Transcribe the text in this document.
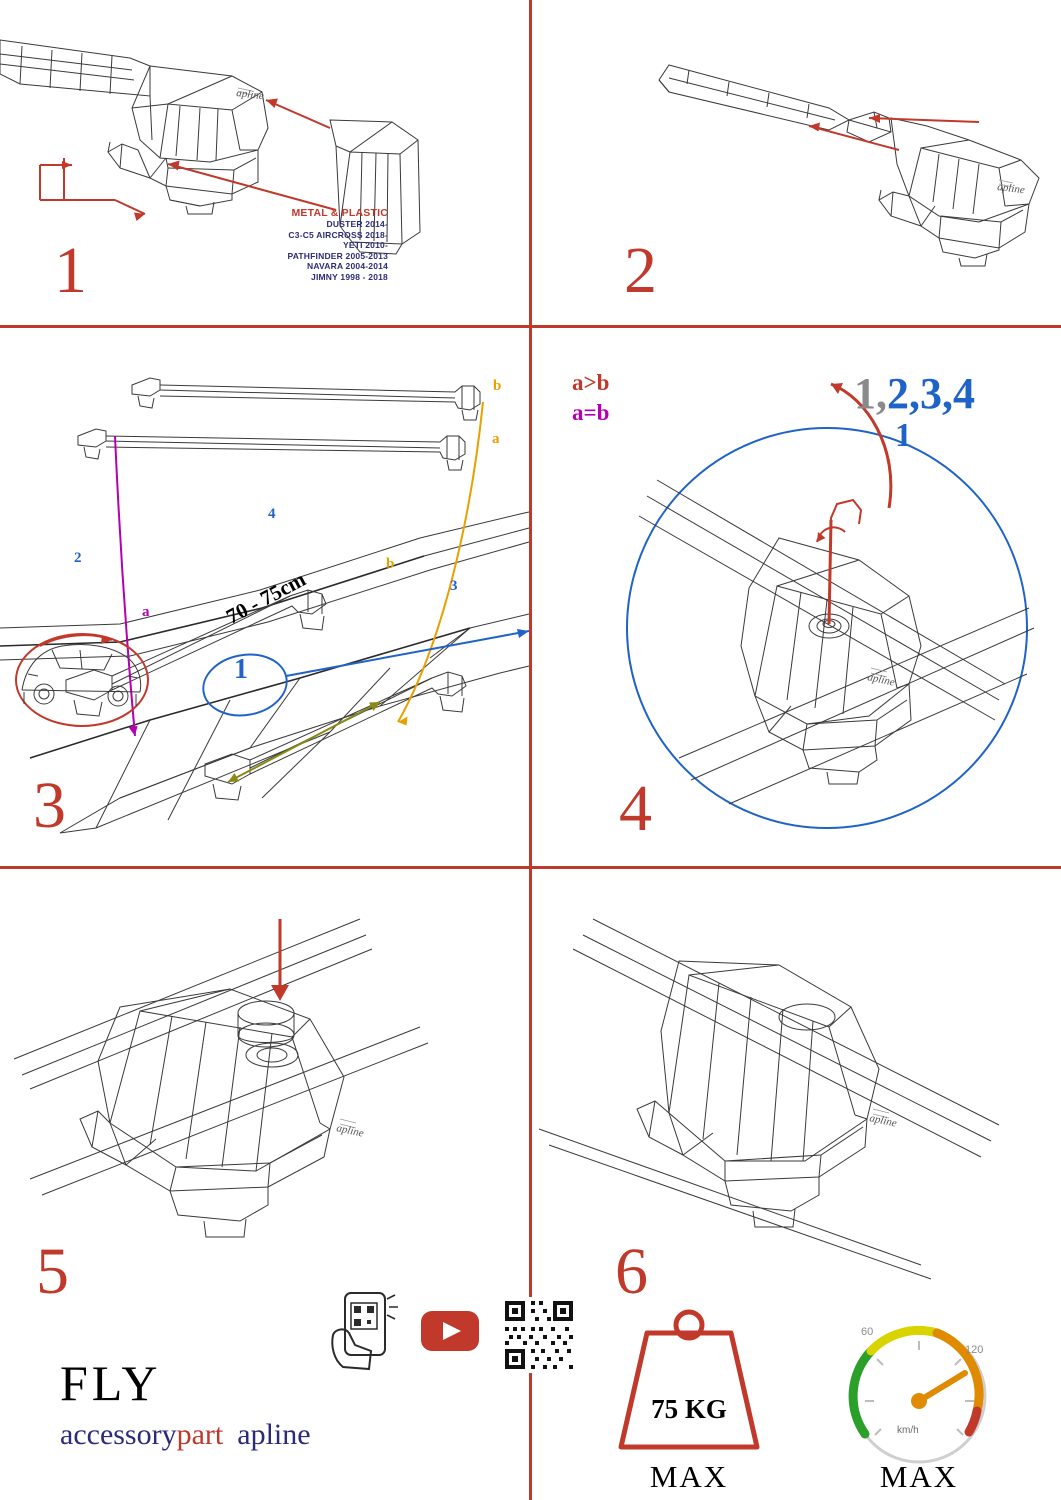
apline
METAL & PLASTIC
DUSTER 2014-
C3-C5 AIRCROSS 2018-
YETI 2010-
PATHFINDER 2005-2013
NAVARA 2004-2014
JIMNY 1998 - 2018
1
apline
2
b
a
a
b
2
4
3
1
70 - 75cm
3
a>b
a=b
apline
1
1,2,3,4
4
apline
5
FLY
accessorypart apline
apline
6
75 KG
MAX
60
120
km/h
MAX
